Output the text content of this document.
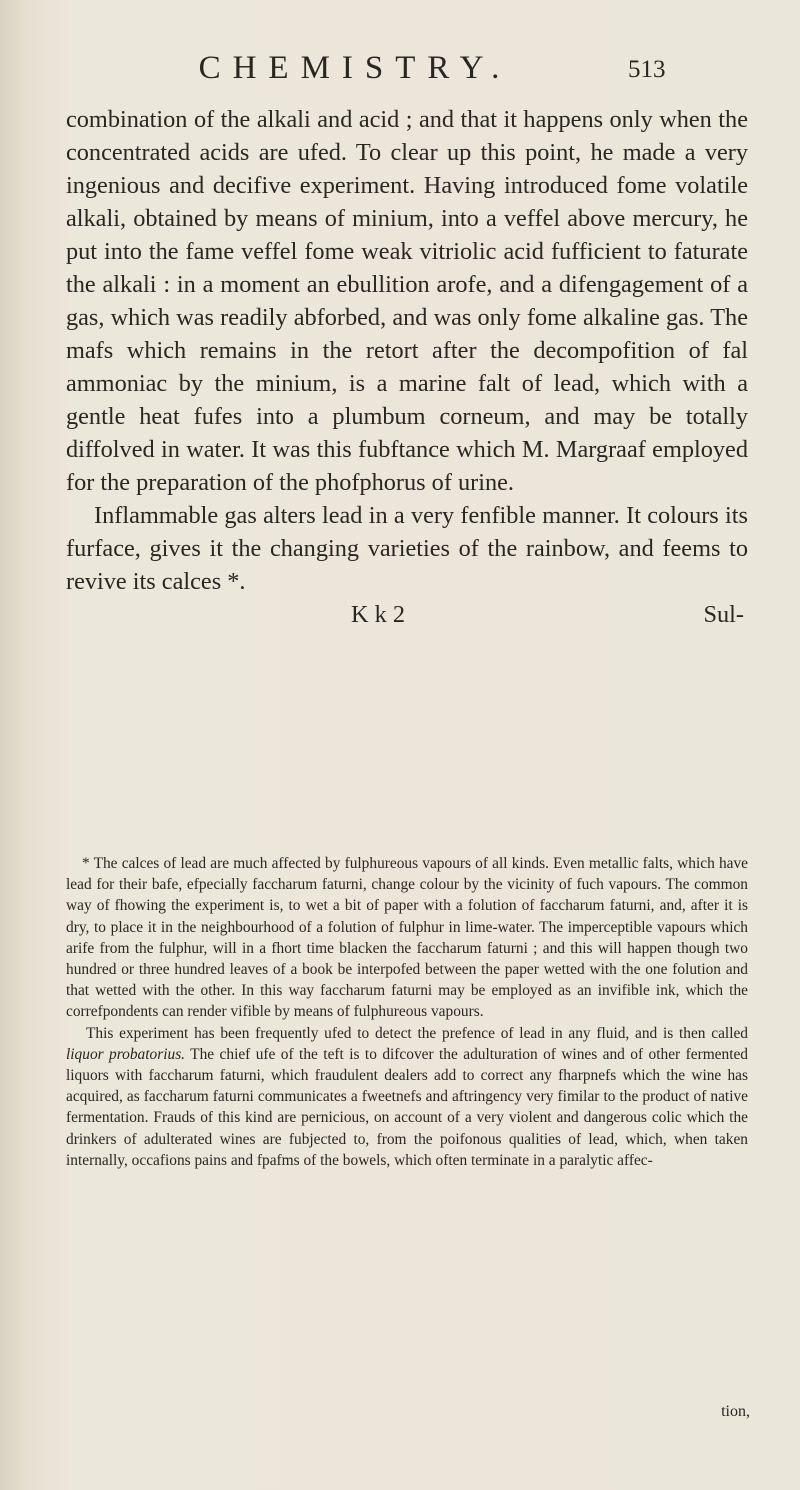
CHEMISTRY.	513

combination of the alkali and acid ; and that it happens only when the concentrated acids are ufed. To clear up this point, he made a very ingenious and decifive experiment. Having introduced fome volatile alkali, obtained by means of minium, into a veffel above mercury, he put into the fame veffel fome weak vitriolic acid fufficient to faturate the alkali : in a moment an ebullition arofe, and a difengagement of a gas, which was readily abforbed, and was only fome alkaline gas. The mafs which remains in the retort after the decompofition of fal ammoniac by the minium, is a marine falt of lead, which with a gentle heat fufes into a plumbum corneum, and may be totally diffolved in water. It was this fubftance which M. Margraaf employed for the preparation of the phofphorus of urine.

Inflammable gas alters lead in a very fenfible manner. It colours its furface, gives it the changing varieties of the rainbow, and feems to revive its calces *.

K k 2	Sul-

* The calces of lead are much affected by fulphureous vapours of all kinds. Even metallic falts, which have lead for their bafe, efpecially faccharum faturni, change colour by the vicinity of fuch vapours. The common way of fhowing the experiment is, to wet a bit of paper with a folution of faccharum faturni, and, after it is dry, to place it in the neighbourhood of a folution of fulphur in lime-water. The imperceptible vapours which arife from the fulphur, will in a fhort time blacken the faccharum faturni ; and this will happen though two hundred or three hundred leaves of a book be interpofed between the paper wetted with the one folution and that wetted with the other. In this way faccharum faturni may be employed as an invifible ink, which the correfpondents can render vifible by means of fulphureous vapours.

This experiment has been frequently ufed to detect the prefence of lead in any fluid, and is then called liquor probatorius. The chief ufe of the teft is to difcover the adulturation of wines and of other fermented liquors with faccharum faturni, which fraudulent dealers add to correct any fharpnefs which the wine has acquired, as faccharum faturni communicates a fweetnefs and aftringency very fimilar to the product of native fermentation. Frauds of this kind are pernicious, on account of a very violent and dangerous colic which the drinkers of adulterated wines are fubjected to, from the poifonous qualities of lead, which, when taken internally, occafions pains and fpafms of the bowels, which often terminate in a paralytic affec-

tion,
